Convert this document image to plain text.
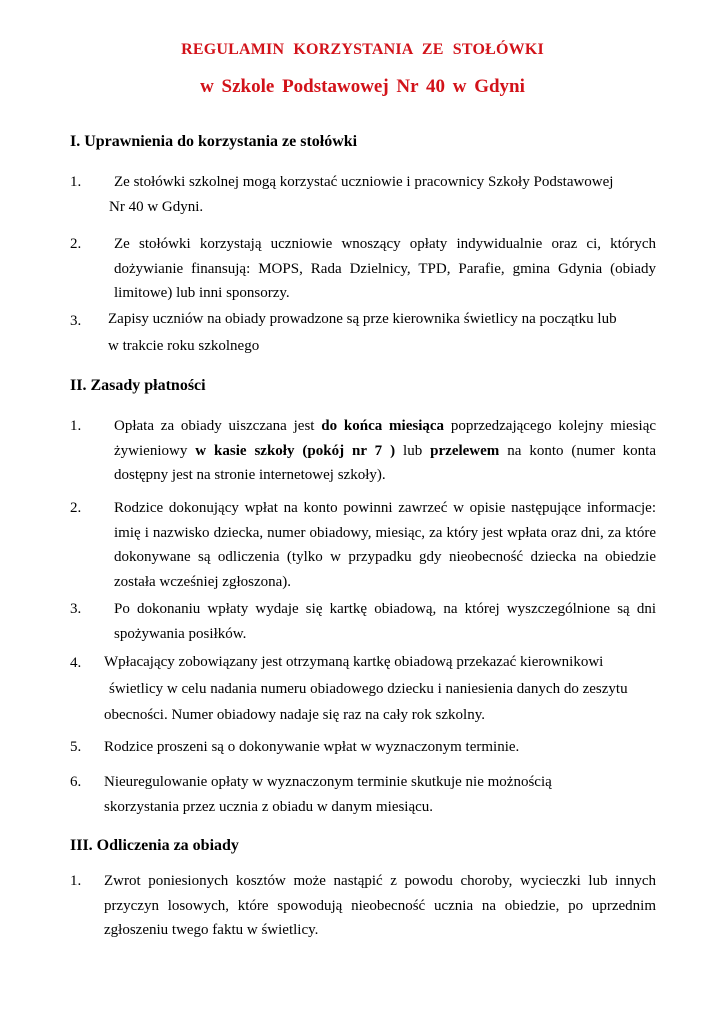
REGULAMIN KORZYSTANIA ZE STOŁÓWKI
w Szkole Podstawowej Nr 40 w Gdyni
I. Uprawnienia do korzystania ze stołówki
1. Ze stołówki szkolnej mogą korzystać uczniowie i pracownicy Szkoły Podstawowej
Nr 40 w Gdyni.
2. Ze stołówki korzystają uczniowie wnoszący opłaty indywidualnie oraz ci, których dożywianie finansują: MOPS, Rada Dzielnicy, TPD, Parafie, gmina Gdynia (obiady limitowe) lub inni sponsorzy.
3. Zapisy uczniów na obiady prowadzone są prze kierownika świetlicy na początku lub
w trakcie roku szkolnego
II. Zasady płatności
1. Opłata za obiady uiszczana jest do końca miesiąca poprzedzającego kolejny miesiąc żywieniowy w kasie szkoły (pokój nr 7 ) lub przelewem na konto (numer konta dostępny jest na stronie internetowej szkoły).
2. Rodzice dokonujący wpłat na konto powinni zawrzeć w opisie następujące informacje: imię i nazwisko dziecka, numer obiadowy, miesiąc, za który jest wpłata oraz dni, za które dokonywane są odliczenia (tylko w przypadku gdy nieobecność dziecka na obiedzie została wcześniej zgłoszona).
3. Po dokonaniu wpłaty wydaje się kartkę obiadową, na której wyszczególnione są dni spożywania posiłków.
4. Wpłacający zobowiązany jest otrzymaną kartkę obiadową przekazać kierownikowi
świetlicy w celu nadania numeru obiadowego dziecku i naniesienia danych do zeszytu
obecności. Numer obiadowy nadaje się raz na cały rok szkolny.
5. Rodzice proszeni są o dokonywanie wpłat w wyznaczonym terminie.
6. Nieuregulowanie opłaty w wyznaczonym terminie skutkuje nie możnością
skorzystania przez ucznia z obiadu w danym miesiącu.
III. Odliczenia za obiady
1. Zwrot poniesionych kosztów może nastąpić z powodu choroby, wycieczki lub innych przyczyn losowych, które spowodują nieobecność ucznia na obiedzie, po uprzednim zgłoszeniu twego faktu w świetlicy.
